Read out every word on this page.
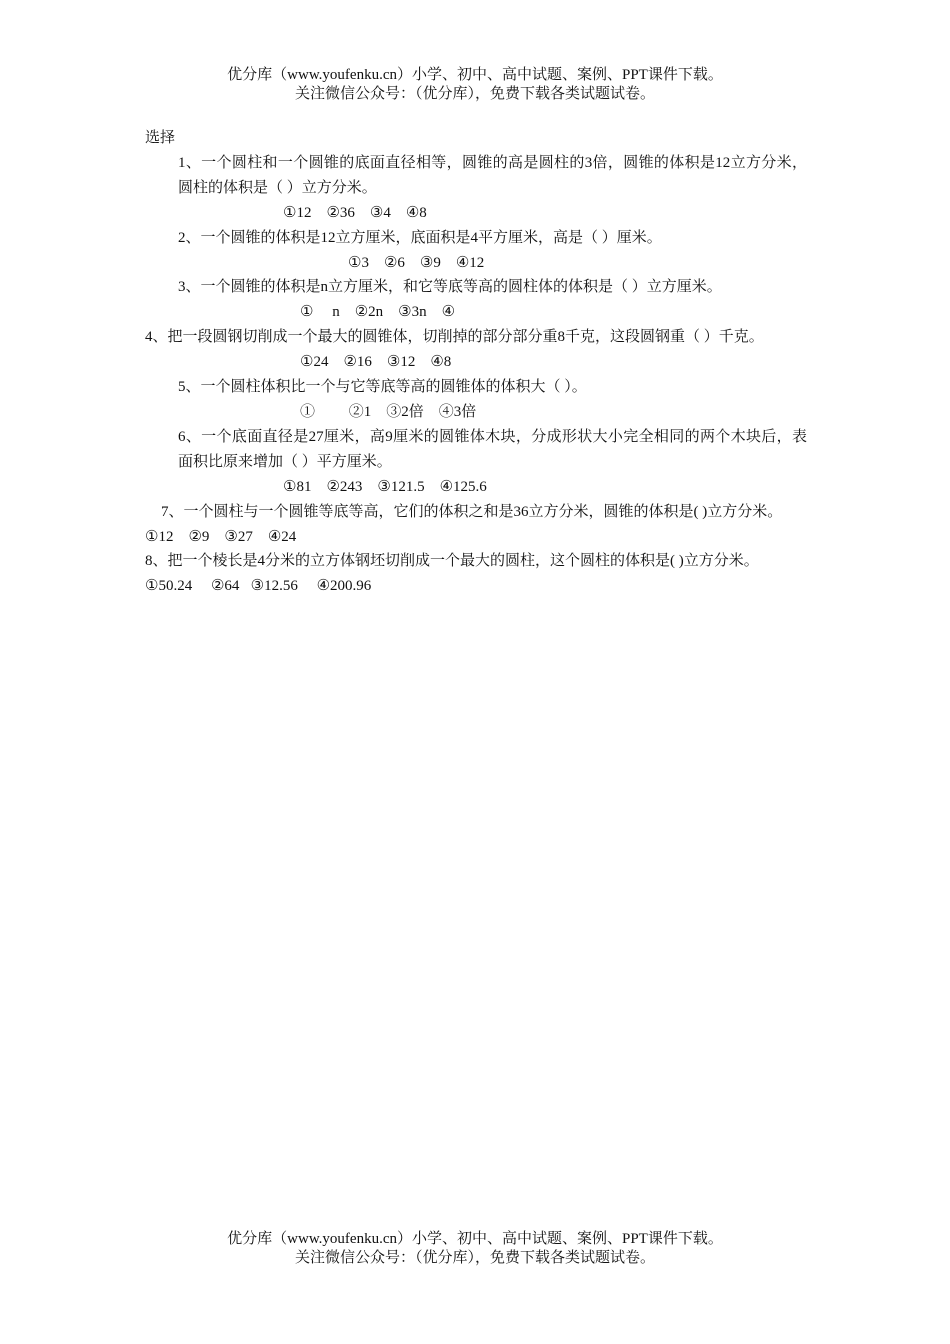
优分库（www.youfenku.cn）小学、初中、高中试题、案例、PPT课件下载。
关注微信公众号：（优分库），免费下载各类试题试卷。
选择
1、一个圆柱和一个圆锥的底面直径相等，圆锥的高是圆柱的3倍，圆锥的体积是12立方分米，圆柱的体积是（ ）立方分米。
①12    ②36    ③4    ④8
2、一个圆锥的体积是12立方厘米，底面积是4平方厘米，高是（ ）厘米。
①3    ②6    ③9    ④12
3、一个圆锥的体积是n立方厘米，和它等底等高的圆柱体的体积是（ ）立方厘米。
①     n    ②2n    ③3n    ④
4、把一段圆钢切削成一个最大的圆锥体，切削掉的部分部分重8千克，这段圆钢重（ ）千克。
①24    ②16    ③12    ④8
5、一个圆柱体积比一个与它等底等高的圆锥体的体积大（ ）。
①         ②1    ③2倍    ④3倍
6、一个底面直径是27厘米，高9厘米的圆锥体木块，分成形状大小完全相同的两个木块后，表面积比原来增加（ ）平方厘米。
①81    ②243    ③121.5    ④125.6
7、一个圆柱与一个圆锥等底等高，它们的体积之和是36立方分米，圆锥的体积是( )立方分米。
①12    ②9    ③27    ④24
8、把一个棱长是4分米的立方体钢坯切削成一个最大的圆柱，这个圆柱的体积是( )立方分米。
①50.24     ②64   ③12.56     ④200.96
优分库（www.youfenku.cn）小学、初中、高中试题、案例、PPT课件下载。
关注微信公众号：（优分库），免费下载各类试题试卷。
